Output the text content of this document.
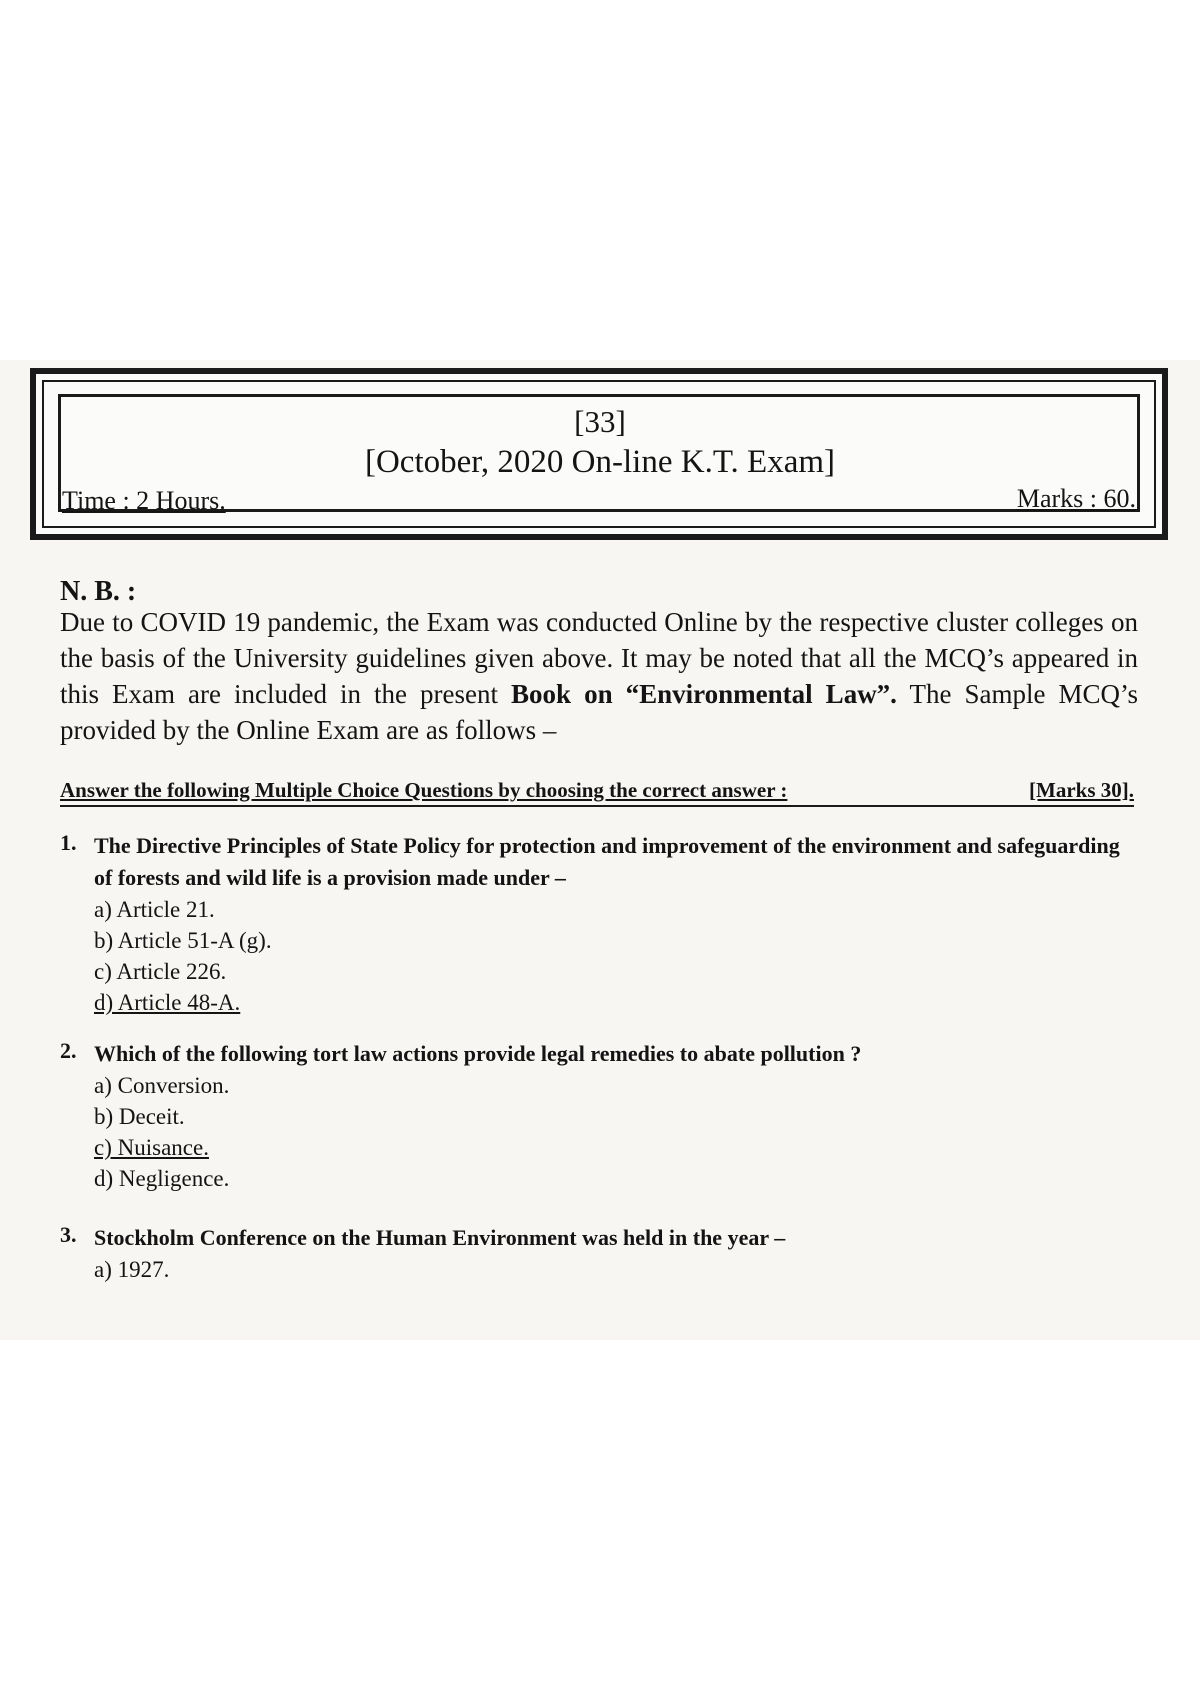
[33]
[October, 2020 On-line K.T. Exam]
Time : 2 Hours.	Marks : 60.
N. B. :
Due to COVID 19 pandemic, the Exam was conducted Online by the respective cluster colleges on the basis of the University guidelines given above. It may be noted that all the MCQ’s appeared in this Exam are included in the present Book on “Environmental Law”. The Sample MCQ’s provided by the Online Exam are as follows –
Answer the following Multiple Choice Questions by choosing the correct answer :	[Marks 30].
1. The Directive Principles of State Policy for protection and improvement of the environment and safeguarding of forests and wild life is a provision made under –
a) Article 21.
b) Article 51-A (g).
c) Article 226.
d) Article 48-A.
2. Which of the following tort law actions provide legal remedies to abate pollution ?
a) Conversion.
b) Deceit.
c) Nuisance.
d) Negligence.
3. Stockholm Conference on the Human Environment was held in the year –
a) 1927.
